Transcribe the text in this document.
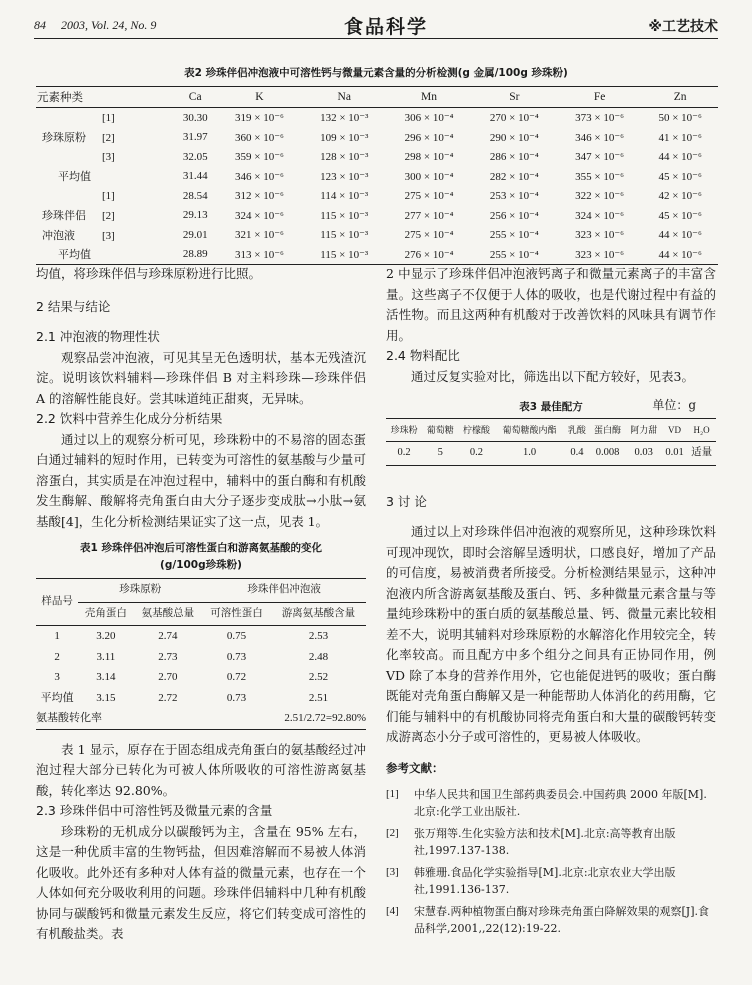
84 2003, Vol. 24, No. 9	食品科学	※工艺技术
表2 珍珠伴侣冲泡液中可溶性钙与微量元素含量的分析检测(g 金属/100g 珍珠粉)
元素种类	Ca	K	Na	Mn	Sr	Fe	Zn
[1]	30.30	319 × 10⁻⁶	132 × 10⁻³	306 × 10⁻⁴	270 × 10⁻⁴	373 × 10⁻⁶	50 × 10⁻⁶
珍珠原粉 [2]	31.97	360 × 10⁻⁶	109 × 10⁻³	296 × 10⁻⁴	290 × 10⁻⁴	346 × 10⁻⁶	41 × 10⁻⁶
[3]	32.05	359 × 10⁻⁶	128 × 10⁻³	298 × 10⁻⁴	286 × 10⁻⁴	347 × 10⁻⁶	44 × 10⁻⁶
平均值	31.44	346 × 10⁻⁶	123 × 10⁻³	300 × 10⁻⁴	282 × 10⁻⁴	355 × 10⁻⁶	45 × 10⁻⁶
[1]	28.54	312 × 10⁻⁶	114 × 10⁻³	275 × 10⁻⁴	253 × 10⁻⁴	322 × 10⁻⁶	42 × 10⁻⁶
珍珠伴侣 [2]	29.13	324 × 10⁻⁶	115 × 10⁻³	277 × 10⁻⁴	256 × 10⁻⁴	324 × 10⁻⁶	45 × 10⁻⁶
冲泡液 [3]	29.01	321 × 10⁻⁶	115 × 10⁻³	275 × 10⁻⁴	255 × 10⁻⁴	323 × 10⁻⁶	44 × 10⁻⁶
平均值	28.89	313 × 10⁻⁶	115 × 10⁻³	276 × 10⁻⁴	255 × 10⁻⁴	323 × 10⁻⁶	44 × 10⁻⁶

均值，将珍珠伴侣与珍珠原粉进行比照。

2 结果与结论

2.1 冲泡液的物理性状

观察品尝冲泡液，可见其呈无色透明状，基本无残渣沉淀。说明该饮料辅料—珍珠伴侣 B 对主料珍珠—珍珠伴侣 A 的溶解性能良好。尝其味道纯正甜爽，无异味。

2.2 饮料中营养生化成分分析结果

通过以上的观察分析可见，珍珠粉中的不易溶的固态蛋白通过辅料的短时作用，已转变为可溶性的氨基酸与少量可溶蛋白，其实质是在冲泡过程中，辅料中的蛋白酶和有机酸发生酶解、酸解将壳角蛋白由大分子逐步变成肽→小肽→氨基酸[4]，生化分析检测结果证实了这一点，见表 1。

表1 珍珠伴侣冲泡后可溶性蛋白和游离氨基酸的变化
(g/100g珍珠粉)
样品号	珍珠原粉		珍珠伴侣冲泡液	
	壳角蛋白	氨基酸总量	可溶性蛋白	游离氨基酸含量
1	3.20	2.74	0.75	2.53
2	3.11	2.73	0.73	2.48
3	3.14	2.70	0.72	2.52
平均值	3.15	2.72	0.73	2.51
氨基酸转化率		2.51/2.72=92.80%		

表 1 显示，原存在于固态组成壳角蛋白的氨基酸经过冲泡过程大部分已转化为可被人体所吸收的可溶性游离氨基酸，转化率达 92.80%。

2.3 珍珠伴侣中可溶性钙及微量元素的含量

珍珠粉的无机成分以碳酸钙为主，含量在 95% 左右，这是一种优质丰富的生物钙盐，但因难溶解而不易被人体消化吸收。此外还有多种对人体有益的微量元素，也存在一个人体如何充分吸收利用的问题。珍珠伴侣辅料中几种有机酸协同与碳酸钙和微量元素发生反应，将它们转变成可溶性的有机酸盐类。表

2 中显示了珍珠伴侣冲泡液钙离子和微量元素离子的丰富含量。这些离子不仅便于人体的吸收，也是代谢过程中有益的活性物。而且这两种有机酸对于改善饮料的风味具有调节作用。

2.4 物料配比

通过反复实验对比，筛选出以下配方较好，见表3。

表3 最佳配方	单位：g
珍珠粉	葡萄糖	柠檬酸	葡萄糖酸内酯	乳酸	蛋白酶	阿力甜	VD	H₂O
0.2	5	0.2	1.0	0.4	0.008	0.03	0.01	适量

3 讨 论

通过以上对珍珠伴侣冲泡液的观察所见，这种珍珠饮料可现冲现饮，即时会溶解呈透明状，口感良好，增加了产品的可信度，易被消费者所接受。分析检测结果显示，这种冲泡液内所含游离氨基酸及蛋白、钙、多种微量元素含量与等量纯珍珠粉中的蛋白质的氨基酸总量、钙、微量元素比较相差不大，说明其辅料对珍珠原粉的水解溶化作用较完全，转化率较高。而且配方中多个组分之间具有正协同作用，例 VD 除了本身的营养作用外，它也能促进钙的吸收；蛋白酶既能对壳角蛋白酶解又是一种能帮助人体消化的药用酶，它们能与辅料中的有机酸协同将壳角蛋白和大量的碳酸钙转变成游离态小分子或可溶性的，更易被人体吸收。

参考文献：
[1]	中华人民共和国卫生部药典委员会.中国药典 2000 年版[M].北京:化学工业出版社.
[2]	张万翔等.生化实验方法和技术[M].北京:高等教育出版社,1997.137-138.
[3]	韩雅珊.食品化学实验指导[M].北京:北京农业大学出版社,1991.136-137.
[4]	宋慧春.两种植物蛋白酶对珍珠壳角蛋白降解效果的观察[J].食品科学,2001,,22(12):19-22.
